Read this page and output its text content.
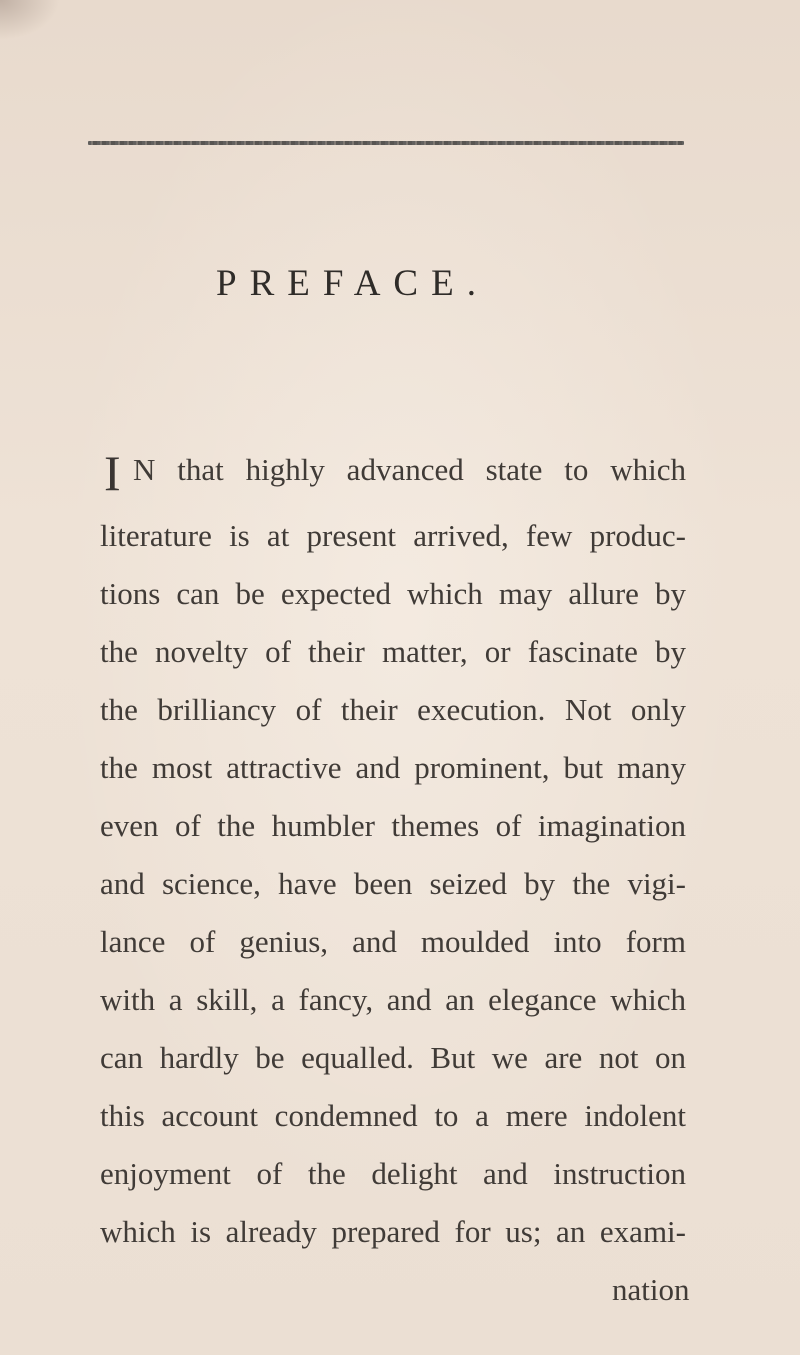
PREFACE.
I N that highly advanced state to which
literature is at present arrived, few produc-
tions can be expected which may allure by
the novelty of their matter, or fascinate by
the brilliancy of their execution. Not only
the most attractive and prominent, but many
even of the humbler themes of imagination
and science, have been seized by the vigi-
lance of genius, and moulded into form
with a skill, a fancy, and an elegance which
can hardly be equalled. But we are not on
this account condemned to a mere indolent
enjoyment of the delight and instruction
which is already prepared for us; an exami-
nation
